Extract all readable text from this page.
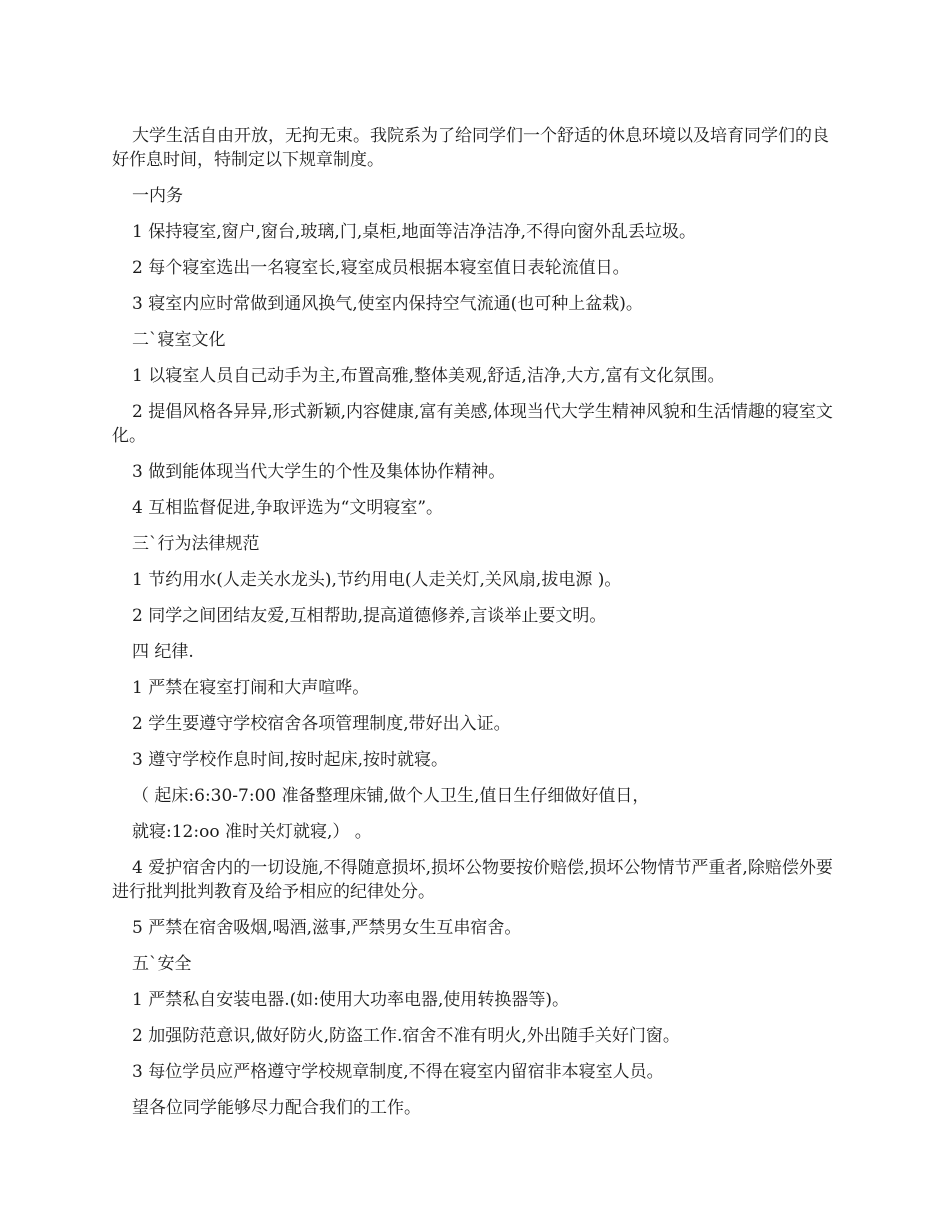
大学生活自由开放，无拘无束。我院系为了给同学们一个舒适的休息环境以及培育同学们的良好作息时间，特制定以下规章制度。

一内务

1 保持寝室,窗户,窗台,玻璃,门,桌柜,地面等洁净洁净,不得向窗外乱丢垃圾。

2 每个寝室选出一名寝室长,寝室成员根据本寝室值日表轮流值日。

3 寝室内应时常做到通风换气,使室内保持空气流通(也可种上盆栽)。

二`寝室文化

1 以寝室人员自己动手为主,布置高雅,整体美观,舒适,洁净,大方,富有文化氛围。

2 提倡风格各异异,形式新颖,内容健康,富有美感,体现当代大学生精神风貌和生活情趣的寝室文化。

3 做到能体现当代大学生的个性及集体协作精神。

4 互相监督促进,争取评选为“文明寝室”。

三`行为法律规范

1 节约用水(人走关水龙头),节约用电(人走关灯,关风扇,拔电源 )。

2 同学之间团结友爱,互相帮助,提高道德修养,言谈举止要文明。

四 纪律.

1 严禁在寝室打闹和大声喧哗。

2 学生要遵守学校宿舍各项管理制度,带好出入证。

3 遵守学校作息时间,按时起床,按时就寝。

（ 起床:6:30-7:00 准备整理床铺,做个人卫生,值日生仔细做好值日，

就寝:12:oo 准时关灯就寝,） 。

4 爱护宿舍内的一切设施,不得随意损坏,损坏公物要按价赔偿,损坏公物情节严重者,除赔偿外要进行批判批判教育及给予相应的纪律处分。

5 严禁在宿舍吸烟,喝酒,滋事,严禁男女生互串宿舍。

五`安全

1 严禁私自安装电器.(如:使用大功率电器,使用转换器等)。

2 加强防范意识,做好防火,防盗工作.宿舍不准有明火,外出随手关好门窗。

3 每位学员应严格遵守学校规章制度,不得在寝室内留宿非本寝室人员。

望各位同学能够尽力配合我们的工作。
